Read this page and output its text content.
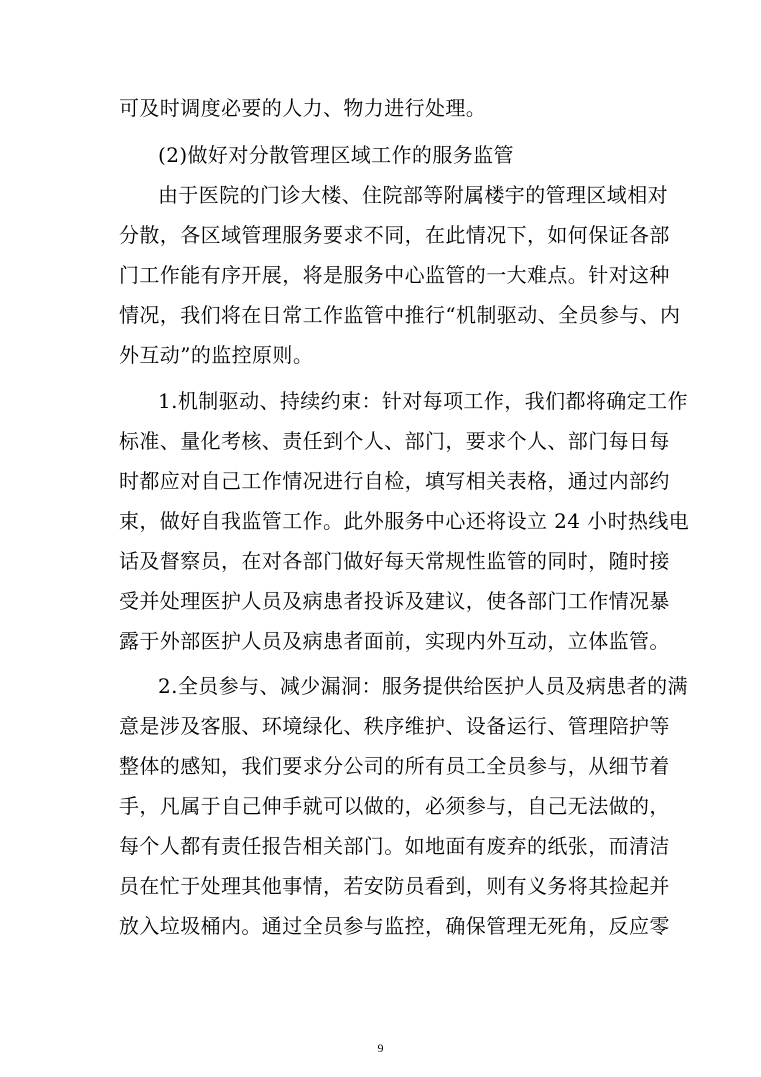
可及时调度必要的人力、物力进行处理。
(2)做好对分散管理区域工作的服务监管
由于医院的门诊大楼、住院部等附属楼宇的管理区域相对
分散，各区域管理服务要求不同，在此情况下，如何保证各部
门工作能有序开展，将是服务中心监管的一大难点。针对这种
情况，我们将在日常工作监管中推行“机制驱动、全员参与、内
外互动”的监控原则。
1.机制驱动、持续约束：针对每项工作，我们都将确定工作
标准、量化考核、责任到个人、部门，要求个人、部门每日每
时都应对自己工作情况进行自检，填写相关表格，通过内部约
束，做好自我监管工作。此外服务中心还将设立 24 小时热线电
话及督察员，在对各部门做好每天常规性监管的同时，随时接
受并处理医护人员及病患者投诉及建议，使各部门工作情况暴
露于外部医护人员及病患者面前，实现内外互动，立体监管。
2.全员参与、减少漏洞：服务提供给医护人员及病患者的满
意是涉及客服、环境绿化、秩序维护、设备运行、管理陪护等
整体的感知，我们要求分公司的所有员工全员参与，从细节着
手，凡属于自己伸手就可以做的，必须参与，自己无法做的，
每个人都有责任报告相关部门。如地面有废弃的纸张，而清洁
员在忙于处理其他事情，若安防员看到，则有义务将其捡起并
放入垃圾桶内。通过全员参与监控，确保管理无死角，反应零
9
